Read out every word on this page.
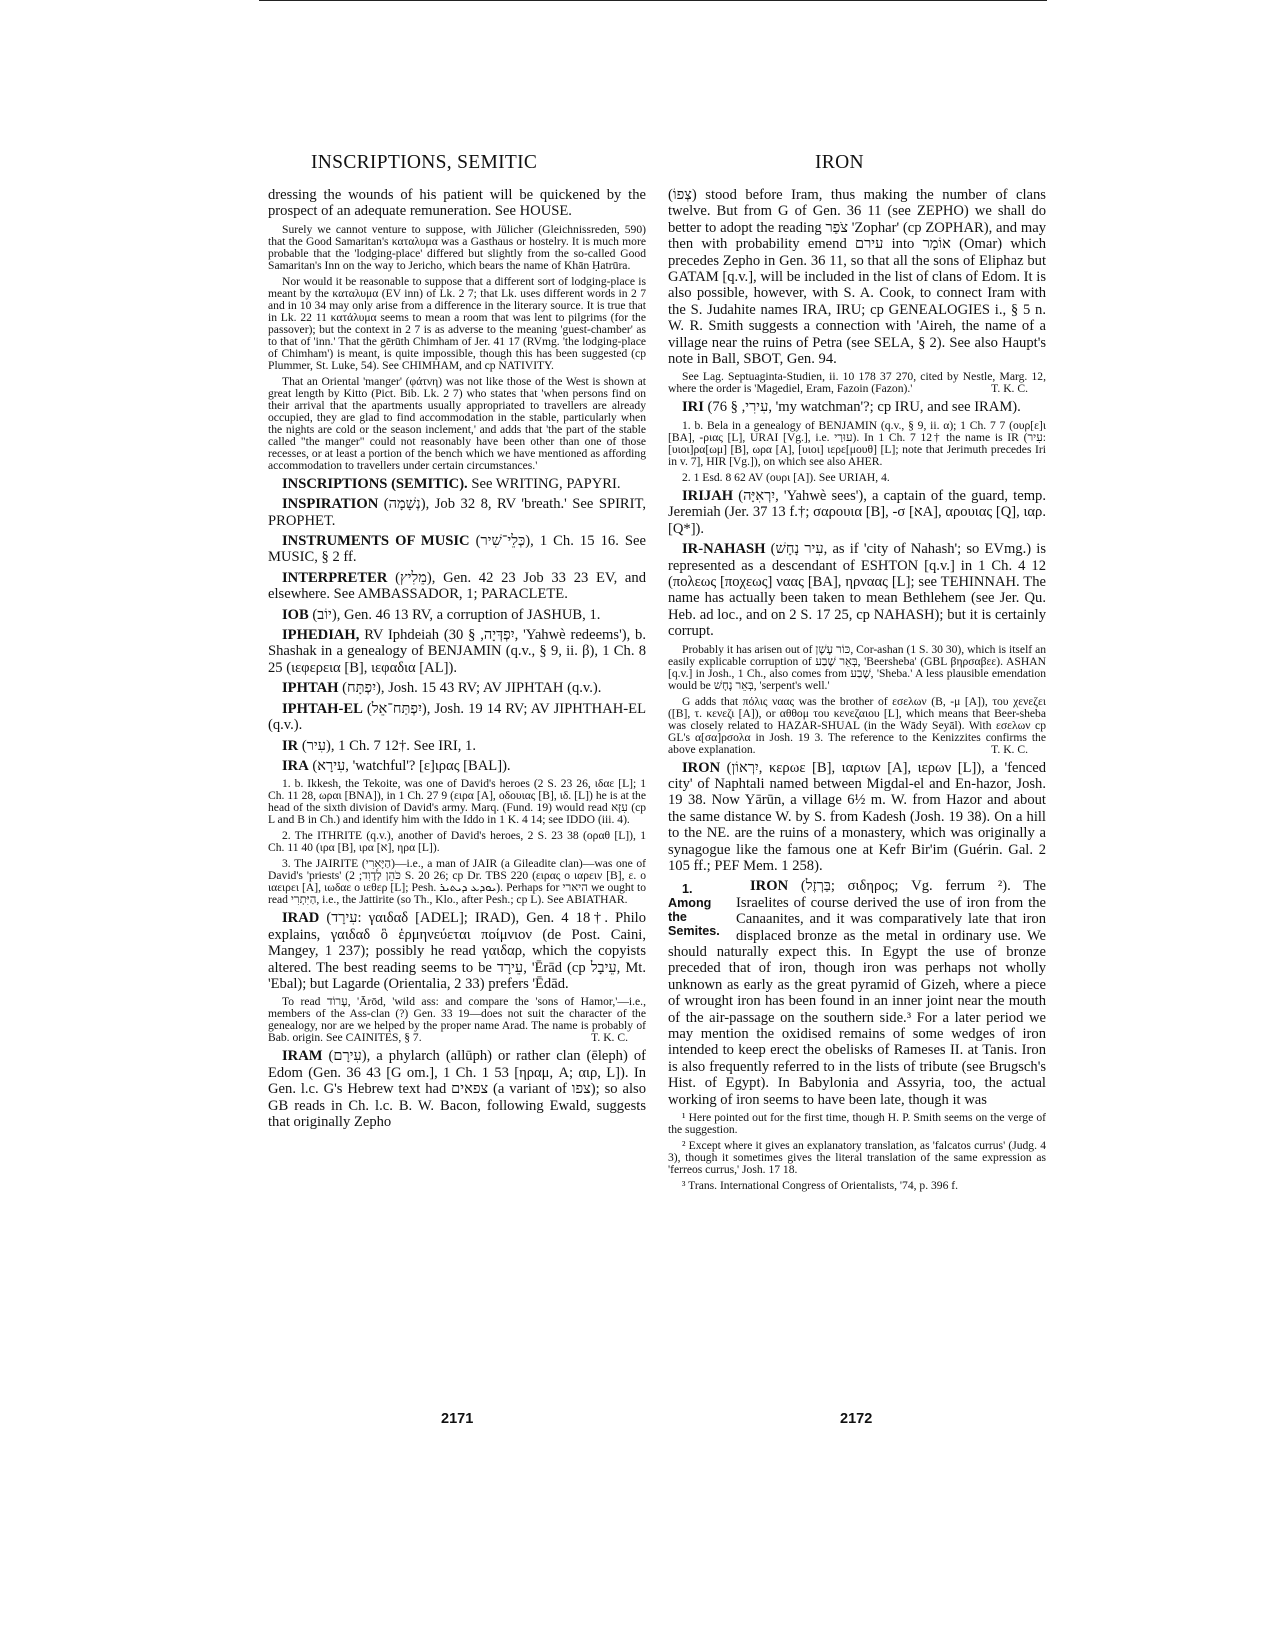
INSCRIPTIONS, SEMITIC	IRON

dressing the wounds of his patient will be quickened by the prospect of an adequate remuneration. See HOUSE.

Surely we cannot venture to suppose, with Jülicher (Gleichnissreden, 590) that the Good Samaritan's καταλυμα was a Gasthaus or hostelry. It is much more probable that the 'lodging-place' differed but slightly from the so-called Good Samaritan's Inn on the way to Jericho, which bears the name of Khān Ḥatrūra.

Nor would it be reasonable to suppose that a different sort of lodging-place is meant by the καταλυμα (EV inn) of Lk. 2 7; that Lk. uses different words in 2 7 and in 10 34 may only arise from a difference in the literary source. It is true that in Lk. 22 11 κατάλυμα seems to mean a room that was lent to pilgrims (for the passover); but the context in 2 7 is as adverse to the meaning 'guest-chamber' as to that of 'inn.' That the gērūth Chimham of Jer. 41 17 (RVmg. 'the lodging-place of Chimham') is meant, is quite impossible, though this has been suggested (cp Plummer, St. Luke, 54). See CHIMHAM, and cp NATIVITY.

That an Oriental 'manger' (φάτνη) was not like those of the West is shown at great length by Kitto (Pict. Bib. Lk. 2 7) who states that 'when persons find on their arrival that the apartments usually appropriated to travellers are already occupied, they are glad to find accommodation in the stable, particularly when the nights are cold or the season inclement,' and adds that 'the part of the stable called "the manger" could not reasonably have been other than one of those recesses, or at least a portion of the bench which we have mentioned as affording accommodation to travellers under certain circumstances.'

INSCRIPTIONS (SEMITIC). See WRITING, PAPYRI.

INSPIRATION (נְשָׁמָה), Job 32 8, RV 'breath.' See SPIRIT, PROPHET.

INSTRUMENTS OF MUSIC (כְּלֵי־שִׁיר), 1 Ch. 15 16. See MUSIC, § 2 ff.

INTERPRETER (מֵלִיץ), Gen. 42 23 Job 33 23 EV, and elsewhere. See AMBASSADOR, 1; PARACLETE.

IOB (יוֹב), Gen. 46 13 RV, a corruption of JASHUB, 1.

IPHEDIAH, RV Iphdeiah (יִפְדְּיָה, § 30, 'Yahwè redeems'), b. Shashak in a genealogy of BENJAMIN (q.v., § 9, ii. β), 1 Ch. 8 25 (ιεφερεια [B], ιεφαδια [AL]).

IPHTAH (יִפְתָּח), Josh. 15 43 RV; AV JIPHTAH (q.v.).

IPHTAH-EL (יִפְתַּח־אֵל), Josh. 19 14 RV; AV JIPHTHAH-EL (q.v.).

IR (עִיר), 1 Ch. 7 12†. See IRI, 1.

IRA (עִירָא, 'watchful'? [ε]ιρας [BAL]).

1. b. Ikkesh, the Tekoite, was one of David's heroes (2 S. 23 26, ιδαε [L]; 1 Ch. 11 28, ωραι [BNA]), in 1 Ch. 27 9 (ειρα [A], οδουιας [B], ιδ. [L]) he is at the head of the sixth division of David's army. Marq. (Fund. 19) would read עִזָּא (cp L and B in Ch.) and identify him with the Iddo in 1 K. 4 14; see IDDO (iii. 4).

2. The ITHRITE (q.v.), another of David's heroes, 2 S. 23 38 (οραθ [L]), 1 Ch. 11 40 (ιρα [B], ιρα [א], ηρα [L]).

3. The JAIRITE (הַיָּאִרִי)—i.e., a man of JAIR (a Gileadite clan)—was one of David's 'priests' (כֹּהֵן לְדָוִד; 2 S. 20 26; cp Dr. TBS 220 (ειρας ο ιαρειν [B], ε. ο ιαειρει [A], ιωδαε ο ιεθερ [L]; Pesh. ܝܘܕܥ ܕܝܬܝܪ). Perhaps for היארי we ought to read הַיִּתְרִי, i.e., the Jattirite (so Th., Klo., after Pesh.; cp L). See ABIATHAR.

IRAD (עִירָד: γαιδαδ [ADEL]; IRAD), Gen. 4 18†. Philo explains, γαιδαδ ὃ ἑρμηνεύεται ποίμνιον (de Post. Caini, Mangey, 1 237); possibly he read γαιδαρ, which the copyists altered. The best reading seems to be עֵירָד, 'Ērād (cp עֵיבָל, Mt. 'Ebal); but Lagarde (Orientalia, 2 33) prefers 'Ēdād.

To read עָרוֹד, 'Ārōd, 'wild ass: and compare the 'sons of Hamor,'—i.e., members of the Ass-clan (?) Gen. 33 19—does not suit the character of the genealogy, nor are we helped by the proper name Arad. The name is probably of Bab. origin. See CAINITES, § 7.	T. K. C.

IRAM (עִירָם), a phylarch (allūph) or rather clan (ēleph) of Edom (Gen. 36 43 [G om.], 1 Ch. 1 53 [ηραμ, A; αιρ, L]). In Gen. l.c. G's Hebrew text had צפאים (a variant of צפו); so also GB reads in Ch. l.c. B. W. Bacon, following Ewald, suggests that originally Zepho

(צְפוֹ) stood before Iram, thus making the number of clans twelve. But from G of Gen. 36 11 (see ZEPHO) we shall do better to adopt the reading צֹפַר 'Zophar' (cp ZOPHAR), and may then with probability emend עירם into אוֹמָר (Omar) which precedes Zepho in Gen. 36 11, so that all the sons of Eliphaz but GATAM [q.v.], will be included in the list of clans of Edom. It is also possible, however, with S. A. Cook, to connect Iram with the S. Judahite names IRA, IRU; cp GENEALOGIES i., § 5 n. W. R. Smith suggests a connection with 'Aireh, the name of a village near the ruins of Petra (see SELA, § 2). See also Haupt's note in Ball, SBOT, Gen. 94.

See Lag. Septuaginta-Studien, ii. 10 178 37 270, cited by Nestle, Marg. 12, where the order is 'Magediel, Eram, Fazoin (Fazon).'	T. K. C.

IRI (עִירִי, § 76, 'my watchman'?; cp IRU, and see IRAM).

1. b. Bela in a genealogy of BENJAMIN (q.v., § 9, ii. α); 1 Ch. 7 7 (ουρ[ε]ι [BA], -ριας [L], URAI [Vg.], i.e. עוּרַי). In 1 Ch. 7 12† the name is IR (עִיר: [υιοι]ρα[ωμ] [B], ωρα [A], [υιοι] ιερε[μουθ] [L]; note that Jerimuth precedes Iri in v. 7], HIR [Vg.]), on which see also AHER.

2. 1 Esd. 8 62 AV (ουρι [A]). See URIAH, 4.

IRIJAH (יִרְאִיָּה, 'Yahwè sees'), a captain of the guard, temp. Jeremiah (Jer. 37 13 f.†; σαρουια [B], -σ [אA], αρουιας [Q], ιαρ. [Q*]).

IR-NAHASH (עִיר נָחָשׁ, as if 'city of Nahash'; so EVmg.) is represented as a descendant of ESHTON [q.v.] in 1 Ch. 4 12 (πολεως [ποχεως] ναας [BA], ηρναας [L]; see TEHINNAH. The name has actually been taken to mean Bethlehem (see Jer. Qu. Heb. ad loc., and on 2 S. 17 25, cp NAHASH); but it is certainly corrupt.

Probably it has arisen out of כּוֹר עָשָׁן, Cor-ashan (1 S. 30 30), which is itself an easily explicable corruption of בְּאֵר שֶׁבַע, 'Beersheba' (GBL βηρσαβεε). ASHAN [q.v.] in Josh., 1 Ch., also comes from שֶׁבַע, 'Sheba.' A less plausible emendation would be בְּאֵר נָחָשׁ, 'serpent's well.'

G adds that πόλις ναας was the brother of εσελων (B, -μ [A]), του χενεζει ([B], τ. κενεζι [A]), or αθθομ του κενεζαιου [L], which means that Beer-sheba was closely related to HAZAR-SHUAL (in the Wādy Seyāl). With εσελων cp GL's α[σα]ρσολα in Josh. 19 3. The reference to the Kenizzites confirms the above explanation.	T. K. C.

IRON (יִרְאוֹן, κερωε [B], ιαριων [A], ιερων [L]), a 'fenced city' of Naphtali named between Migdal-el and En-hazor, Josh. 19 38. Now Yārūn, a village 6½ m. W. from Hazor and about the same distance W. by S. from Kadesh (Josh. 19 38). On a hill to the NE. are the ruins of a monastery, which was originally a synagogue like the famous one at Kefr Bir'im (Guérin. Gal. 2 105 ff.; PEF Mem. 1 258).

1. Among the Semites.
IRON (בַּרְזֶל; σιδηρος; Vg. ferrum ²). The Israelites of course derived the use of iron from the Canaanites, and it was comparatively late that iron displaced bronze as the metal in ordinary use. We should naturally expect this. In Egypt the use of bronze preceded that of iron, though iron was perhaps not wholly unknown as early as the great pyramid of Gizeh, where a piece of wrought iron has been found in an inner joint near the mouth of the air-passage on the southern side.³ For a later period we may mention the oxidised remains of some wedges of iron intended to keep erect the obelisks of Rameses II. at Tanis. Iron is also frequently referred to in the lists of tribute (see Brugsch's Hist. of Egypt). In Babylonia and Assyria, too, the actual working of iron seems to have been late, though it was

¹ Here pointed out for the first time, though H. P. Smith seems on the verge of the suggestion.

² Except where it gives an explanatory translation, as 'falcatos currus' (Judg. 4 3), though it sometimes gives the literal translation of the same expression as 'ferreos currus,' Josh. 17 18.

³ Trans. International Congress of Orientalists, '74, p. 396 f.

2171	2172
